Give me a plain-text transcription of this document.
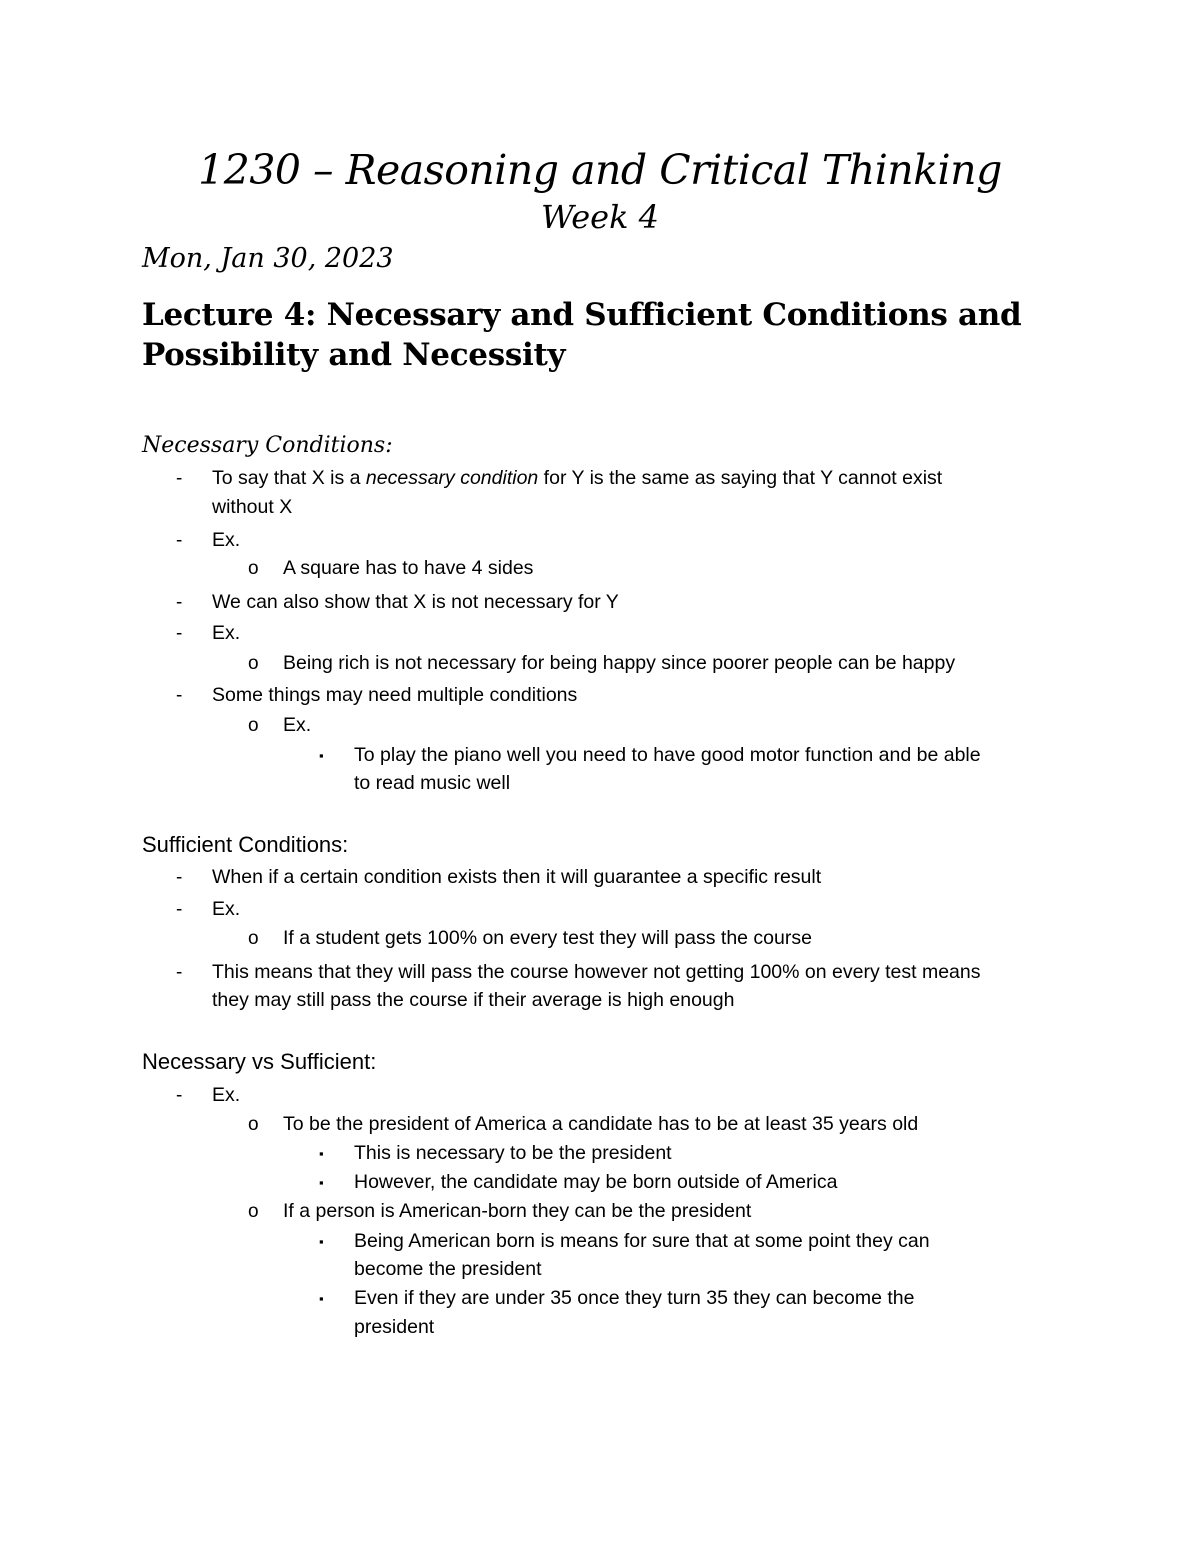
1230 – Reasoning and Critical Thinking
Week 4
Mon, Jan 30, 2023
Lecture 4: Necessary and Sufficient Conditions and Possibility and Necessity
Necessary Conditions:
- To say that X is a necessary condition for Y is the same as saying that Y cannot exist
without X
- Ex.
o A square has to have 4 sides
- We can also show that X is not necessary for Y
- Ex.
o Being rich is not necessary for being happy since poorer people can be happy
- Some things may need multiple conditions
o Ex.
▪ To play the piano well you need to have good motor function and be able
to read music well
Sufficient Conditions:
- When if a certain condition exists then it will guarantee a specific result
- Ex.
o If a student gets 100% on every test they will pass the course
- This means that they will pass the course however not getting 100% on every test means
they may still pass the course if their average is high enough
Necessary vs Sufficient:
- Ex.
o To be the president of America a candidate has to be at least 35 years old
▪ This is necessary to be the president
▪ However, the candidate may be born outside of America
o If a person is American-born they can be the president
▪ Being American born is means for sure that at some point they can
become the president
▪ Even if they are under 35 once they turn 35 they can become the
president
